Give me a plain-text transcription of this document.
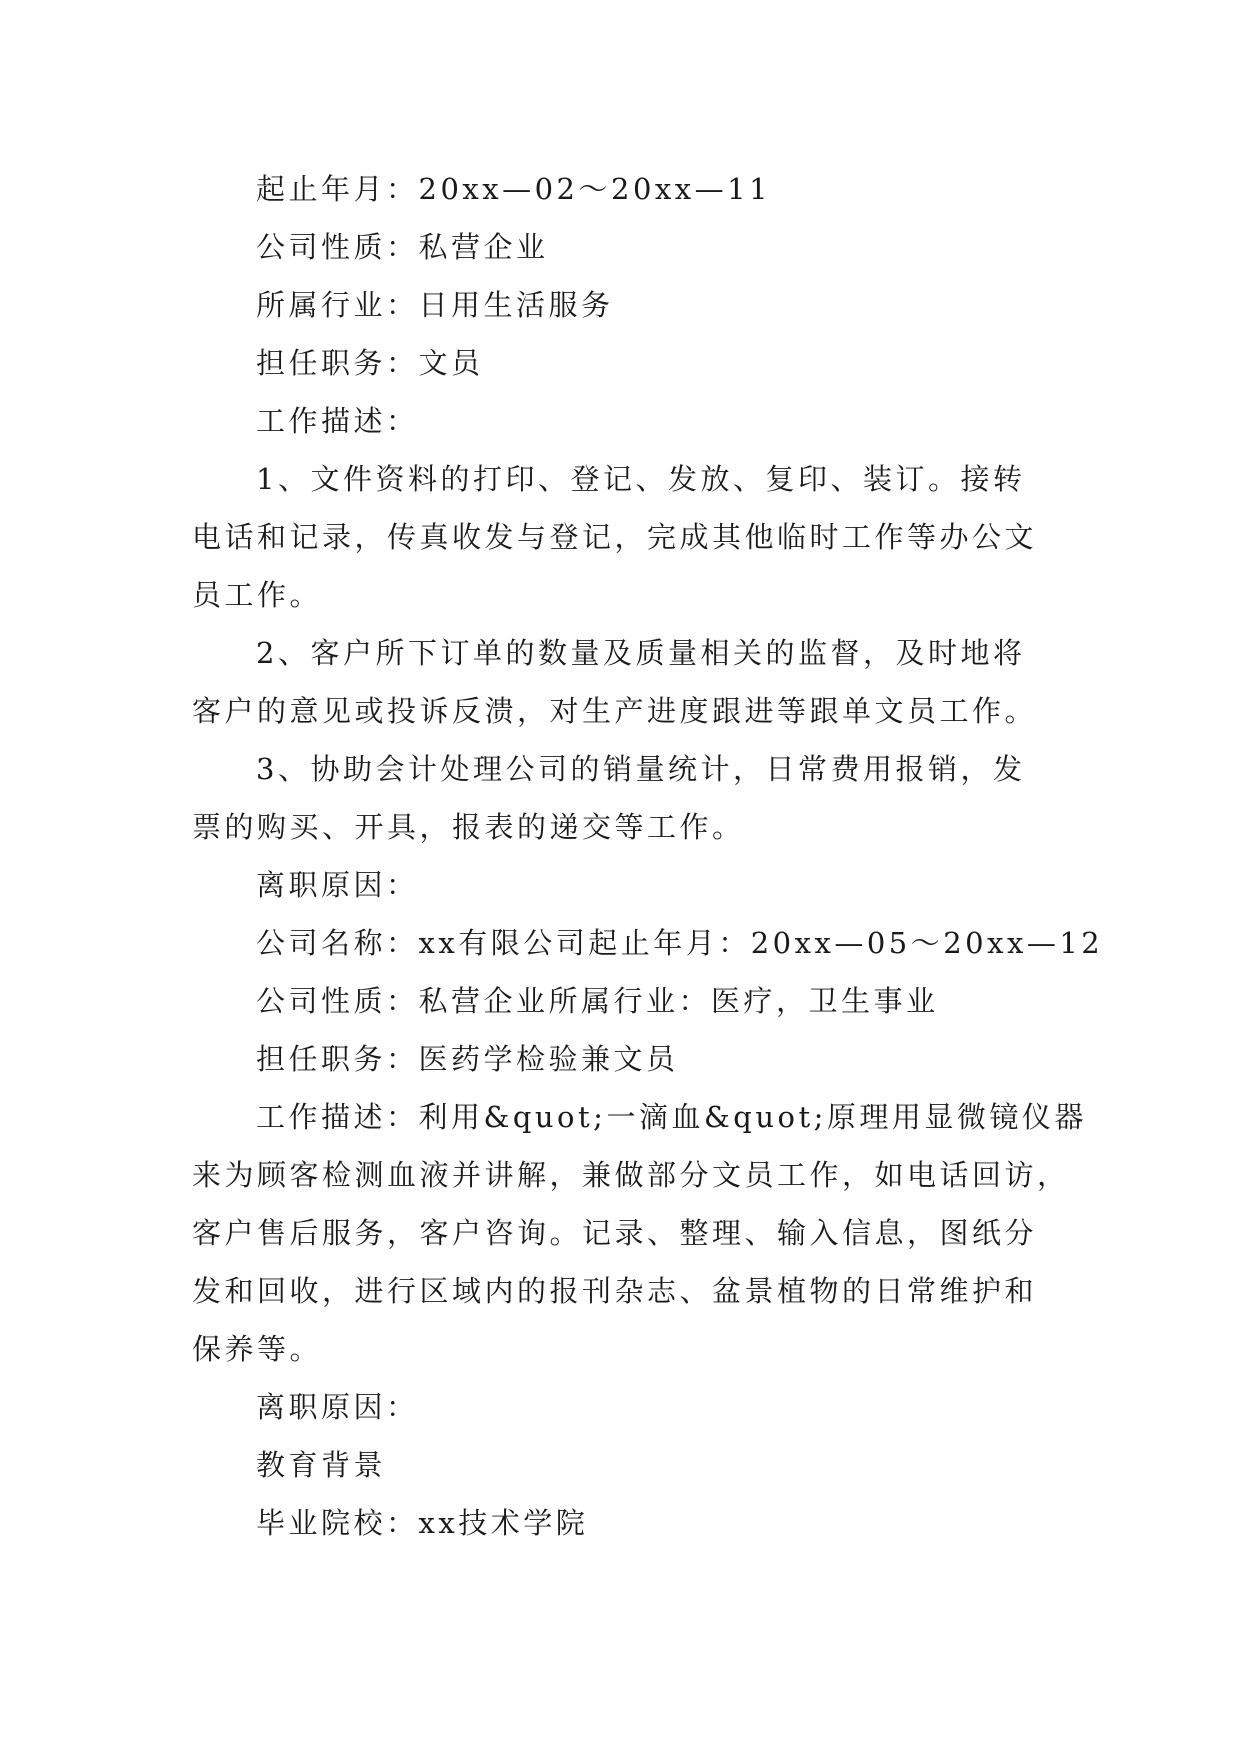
起止年月：20xx—02～20xx—11
公司性质：私营企业
所属行业：日用生活服务
担任职务：文员
工作描述：
1、文件资料的打印、登记、发放、复印、装订。接转
电话和记录，传真收发与登记，完成其他临时工作等办公文
员工作。
2、客户所下订单的数量及质量相关的监督，及时地将
客户的意见或投诉反溃，对生产进度跟进等跟单文员工作。
3、协助会计处理公司的销量统计，日常费用报销，发
票的购买、开具，报表的递交等工作。
离职原因：
公司名称：xx有限公司起止年月：20xx—05～20xx—12
公司性质：私营企业所属行业：医疗，卫生事业
担任职务：医药学检验兼文员
工作描述：利用&quot;一滴血&quot;原理用显微镜仪器
来为顾客检测血液并讲解，兼做部分文员工作，如电话回访，
客户售后服务，客户咨询。记录、整理、输入信息，图纸分
发和回收，进行区域内的报刊杂志、盆景植物的日常维护和
保养等。
离职原因：
教育背景
毕业院校：xx技术学院
